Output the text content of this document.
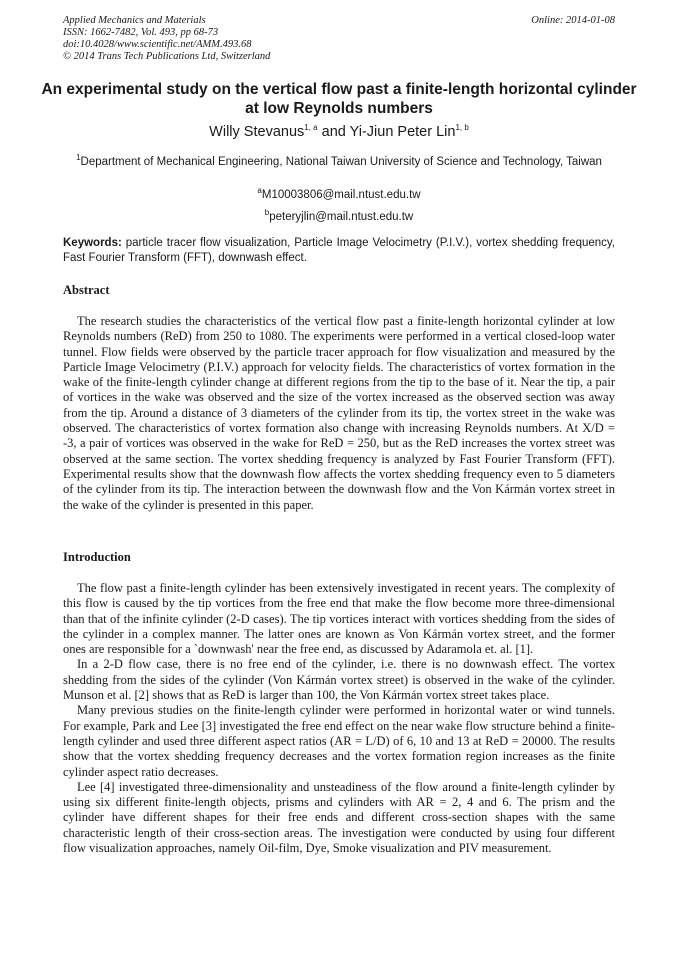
Applied Mechanics and Materials
ISSN: 1662-7482, Vol. 493, pp 68-73
doi:10.4028/www.scientific.net/AMM.493.68
© 2014 Trans Tech Publications Ltd, Switzerland
Online: 2014-01-08
An experimental study on the vertical flow past a finite-length horizontal cylinder at low Reynolds numbers
Willy Stevanus$^{1, a}$ and Yi-Jiun Peter Lin$^{1, b}$
$^1$Department of Mechanical Engineering, National Taiwan University of Science and Technology, Taiwan
$^a$M10003806@mail.ntust.edu.tw
$^b$peteryjlin@mail.ntust.edu.tw
Keywords: particle tracer flow visualization, Particle Image Velocimetry (P.I.V.), vortex shedding frequency, Fast Fourier Transform (FFT), downwash effect.
Abstract

The research studies the characteristics of the vertical flow past a finite-length horizontal cylinder at low Reynolds numbers (ReD) from 250 to 1080. The experiments were performed in a vertical closed-loop water tunnel. Flow fields were observed by the particle tracer approach for flow visualization and measured by the Particle Image Velocimetry (P.I.V.) approach for velocity fields. The characteristics of vortex formation in the wake of the finite-length cylinder change at different regions from the tip to the base of it. Near the tip, a pair of vortices in the wake was observed and the size of the vortex increased as the observed section was away from the tip. Around a distance of 3 diameters of the cylinder from its tip, the vortex street in the wake was observed. The characteristics of vortex formation also change with increasing Reynolds numbers. At X/D = -3, a pair of vortices was observed in the wake for ReD = 250, but as the ReD increases the vortex street was observed at the same section. The vortex shedding frequency is analyzed by Fast Fourier Transform (FFT). Experimental results show that the downwash flow affects the vortex shedding frequency even to 5 diameters of the cylinder from its tip. The interaction between the downwash flow and the Von Kármán vortex street in the wake of the cylinder is presented in this paper.

Introduction

The flow past a finite-length cylinder has been extensively investigated in recent years. The complexity of this flow is caused by the tip vortices from the free end that make the flow become more three-dimensional than that of the infinite cylinder (2-D cases). The tip vortices interact with vortices shedding from the sides of the cylinder in a complex manner. The latter ones are known as Von Kármán vortex street, and the former ones are responsible for a `downwash' near the free end, as discussed by Adaramola et. al. [1].

In a 2-D flow case, there is no free end of the cylinder, i.e. there is no downwash effect. The vortex shedding from the sides of the cylinder (Von Kármán vortex street) is observed in the wake of the cylinder. Munson et al. [2] shows that as ReD is larger than 100, the Von Kármán vortex street takes place.

Many previous studies on the finite-length cylinder were performed in horizontal water or wind tunnels. For example, Park and Lee [3] investigated the free end effect on the near wake flow structure behind a finite-length cylinder and used three different aspect ratios (AR = L/D) of 6, 10 and 13 at ReD = 20000. The results show that the vortex shedding frequency decreases and the vortex formation region increases as the finite cylinder aspect ratio decreases.

Lee [4] investigated three-dimensionality and unsteadiness of the flow around a finite-length cylinder by using six different finite-length objects, prisms and cylinders with AR = 2, 4 and 6. The prism and the cylinder have different shapes for their free ends and different cross-section shapes with the same characteristic length of their cross-section areas. The investigation were conducted by using four different flow visualization approaches, namely Oil-film, Dye, Smoke visualization and PIV measurement.
